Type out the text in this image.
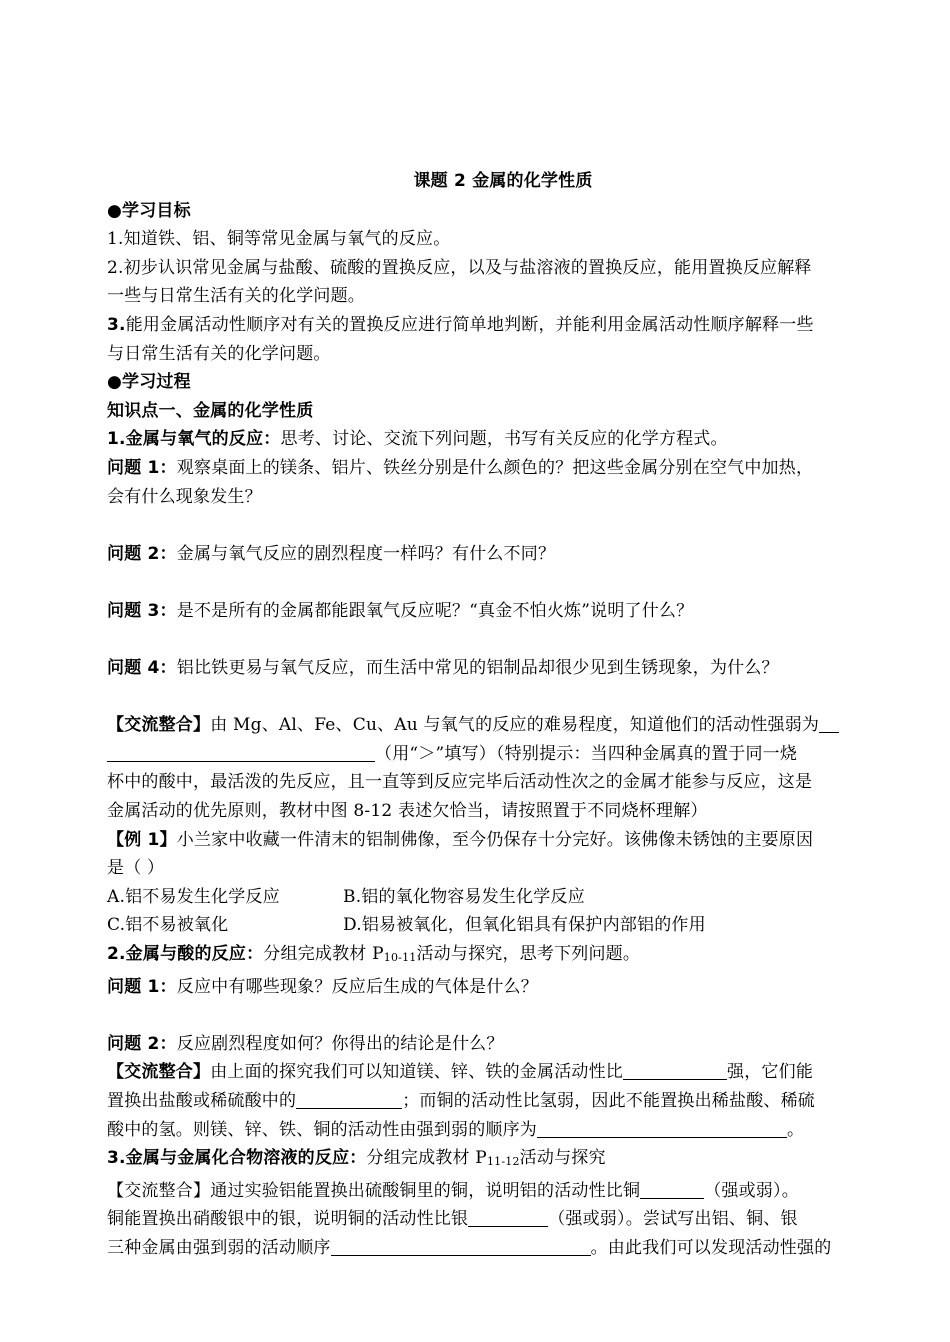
课题 2 金属的化学性质
●学习目标
1.知道铁、铝、铜等常见金属与氧气的反应。
2.初步认识常见金属与盐酸、硫酸的置换反应，以及与盐溶液的置换反应，能用置换反应解释
一些与日常生活有关的化学问题。
3.能用金属活动性顺序对有关的置换反应进行简单地判断，并能利用金属活动性顺序解释一些
与日常生活有关的化学问题。
●学习过程
知识点一、金属的化学性质
1.金属与氧气的反应：思考、讨论、交流下列问题，书写有关反应的化学方程式。
问题 1：观察桌面上的镁条、铝片、铁丝分别是什么颜色的？把这些金属分别在空气中加热，
会有什么现象发生？
问题 2：金属与氧气反应的剧烈程度一样吗？有什么不同？
问题 3：是不是所有的金属都能跟氧气反应呢？“真金不怕火炼”说明了什么？
问题 4：铝比铁更易与氧气反应，而生活中常见的铝制品却很少见到生锈现象，为什么？
【交流整合】由 Mg、Al、Fe、Cu、Au 与氧气的反应的难易程度，知道他们的活动性强弱为
（用“＞”填写）（特别提示：当四种金属真的置于同一烧
杯中的酸中，最活泼的先反应，且一直等到反应完毕后活动性次之的金属才能参与反应，这是
金属活动的优先原则，教材中图 8-12 表述欠恰当，请按照置于不同烧杯理解）
【例 1】小兰家中收藏一件清末的铝制佛像，至今仍保存十分完好。该佛像未锈蚀的主要原因
是（ ）
A.铝不易发生化学反应	B.铝的氧化物容易发生化学反应
C.铝不易被氧化	D.铝易被氧化，但氧化铝具有保护内部铝的作用
2.金属与酸的反应：分组完成教材 P10-11活动与探究，思考下列问题。
问题 1：反应中有哪些现象？反应后生成的气体是什么？
问题 2：反应剧烈程度如何？你得出的结论是什么？
【交流整合】由上面的探究我们可以知道镁、锌、铁的金属活动性比	强，它们能
置换出盐酸或稀硫酸中的	；而铜的活动性比氢弱，因此不能置换出稀盐酸、稀硫
酸中的氢。则镁、锌、铁、铜的活动性由强到弱的顺序为	。
3.金属与金属化合物溶液的反应：分组完成教材 P11-12活动与探究
【交流整合】通过实验铝能置换出硫酸铜里的铜，说明铝的活动性比铜	（强或弱）。
铜能置换出硝酸银中的银，说明铜的活动性比银	（强或弱）。尝试写出铝、铜、银
三种金属由强到弱的活动顺序	。由此我们可以发现活动性强的
